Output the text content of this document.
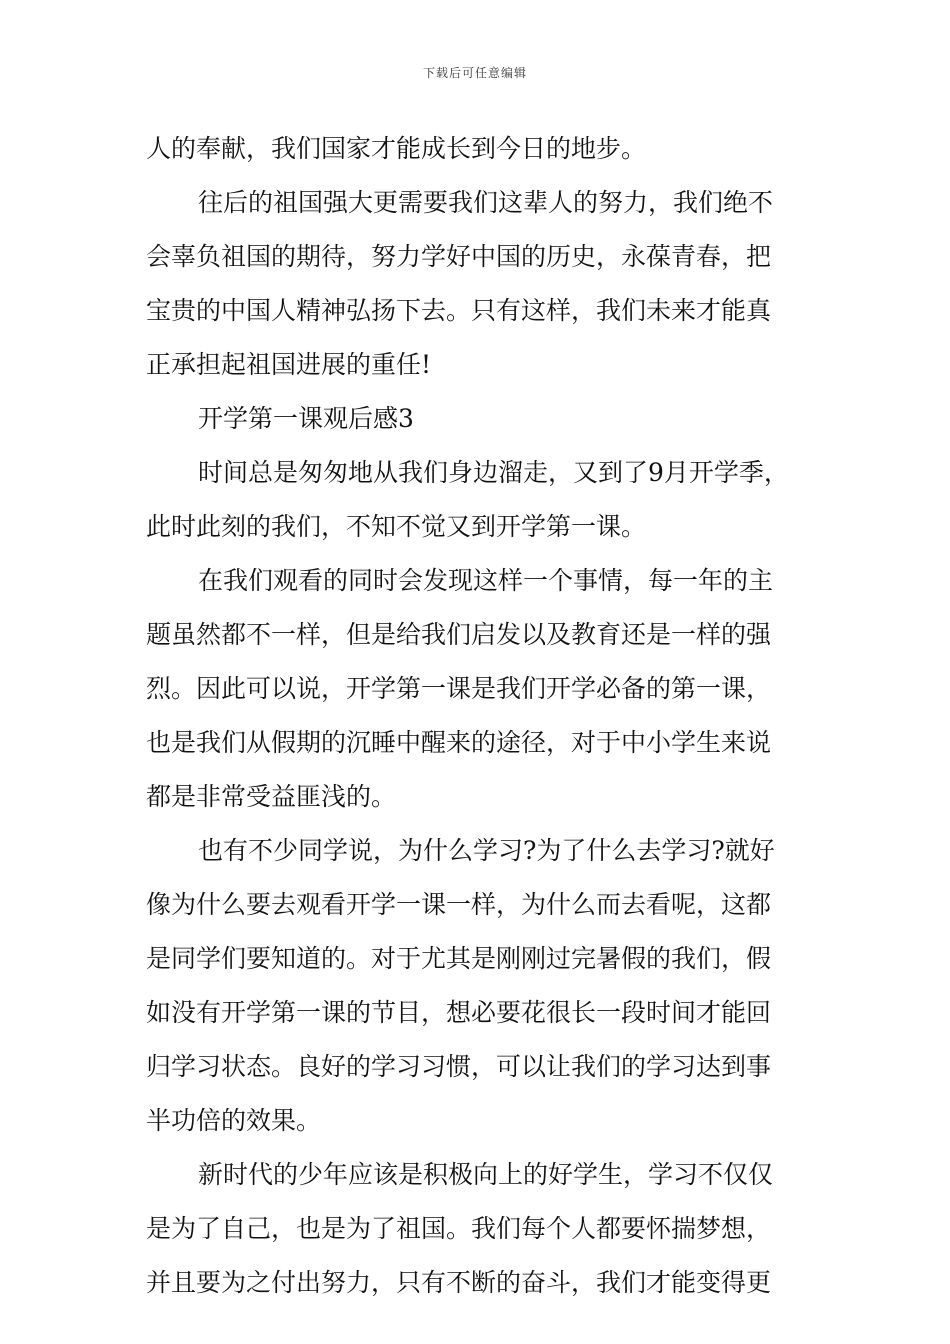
下载后可任意编辑
人的奉献，我们国家才能成长到今日的地步。
往后的祖国强大更需要我们这辈人的努力，我们绝不
会辜负祖国的期待，努力学好中国的历史，永葆青春，把
宝贵的中国人精神弘扬下去。只有这样，我们未来才能真
正承担起祖国进展的重任!
开学第一课观后感3
时间总是匆匆地从我们身边溜走，又到了9月开学季，
此时此刻的我们，不知不觉又到开学第一课。
在我们观看的同时会发现这样一个事情，每一年的主
题虽然都不一样，但是给我们启发以及教育还是一样的强
烈。因此可以说，开学第一课是我们开学必备的第一课，
也是我们从假期的沉睡中醒来的途径，对于中小学生来说
都是非常受益匪浅的。
也有不少同学说，为什么学习?为了什么去学习?就好
像为什么要去观看开学一课一样，为什么而去看呢，这都
是同学们要知道的。对于尤其是刚刚过完暑假的我们，假
如没有开学第一课的节目，想必要花很长一段时间才能回
归学习状态。良好的学习习惯，可以让我们的学习达到事
半功倍的效果。
新时代的少年应该是积极向上的好学生，学习不仅仅
是为了自己，也是为了祖国。我们每个人都要怀揣梦想，
并且要为之付出努力，只有不断的奋斗，我们才能变得更
